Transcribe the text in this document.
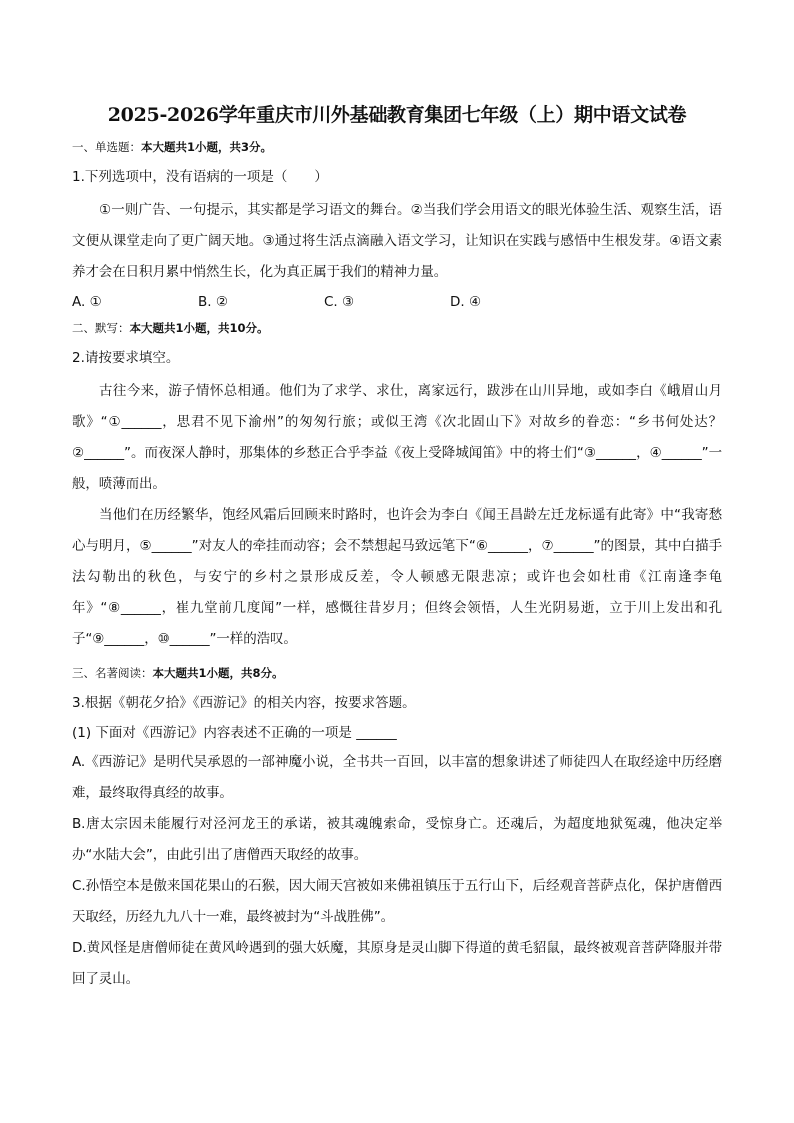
2025-2026学年重庆市川外基础教育集团七年级（上）期中语文试卷
一、单选题：本大题共1小题，共3分。
1.下列选项中，没有语病的一项是（　　）

①一则广告、一句提示，其实都是学习语文的舞台。②当我们学会用语文的眼光体验生活、观察生活，语文便从课堂走向了更广阔天地。③通过将生活点滴融入语文学习，让知识在实践与感悟中生根发芽。④语文素养才会在日积月累中悄然生长，化为真正属于我们的精神力量。

A. ①	B. ②	C. ③	D. ④
二、默写：本大题共1小题，共10分。
2.请按要求填空。

古往今来，游子情怀总相通。他们为了求学、求仕，离家远行，跋涉在山川异地，或如李白《峨眉山月歌》“①______，思君不见下渝州”的匆匆行旅；或似王湾《次北固山下》对故乡的眷恋：“乡书何处达？②______”。而夜深人静时，那集体的乡愁正合乎李益《夜上受降城闻笛》中的将士们“③______，④______”一般，喷薄而出。

当他们在历经繁华，饱经风霜后回顾来时路时，也许会为李白《闻王昌龄左迁龙标遥有此寄》中“我寄愁心与明月，⑤______”对友人的牵挂而动容；会不禁想起马致远笔下“⑥______，⑦______”的图景，其中白描手法勾勒出的秋色，与安宁的乡村之景形成反差，令人顿感无限悲凉；或许也会如杜甫《江南逢李龟年》“⑧______，崔九堂前几度闻”一样，感慨往昔岁月；但终会领悟，人生光阴易逝，立于川上发出和孔子“⑨______，⑩______”一样的浩叹。

三、名著阅读：本大题共1小题，共8分。
3.根据《朝花夕拾》《西游记》的相关内容，按要求答题。
(1) 下面对《西游记》内容表述不正确的一项是 ______

A.《西游记》是明代吴承恩的一部神魔小说，全书共一百回，以丰富的想象讲述了师徒四人在取经途中历经磨难，最终取得真经的故事。

B.唐太宗因未能履行对泾河龙王的承诺，被其魂魄索命，受惊身亡。还魂后，为超度地狱冤魂，他决定举办“水陆大会”，由此引出了唐僧西天取经的故事。

C.孙悟空本是傲来国花果山的石猴，因大闹天宫被如来佛祖镇压于五行山下，后经观音菩萨点化，保护唐僧西天取经，历经九九八十一难，最终被封为“斗战胜佛”。

D.黄风怪是唐僧师徒在黄风岭遇到的强大妖魔，其原身是灵山脚下得道的黄毛貂鼠，最终被观音菩萨降服并带回了灵山。
